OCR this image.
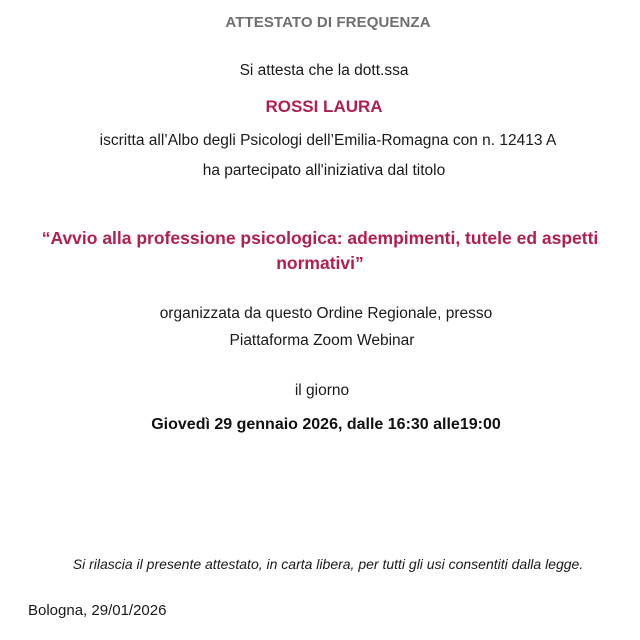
ATTESTATO DI FREQUENZA
Si attesta che la dott.ssa
ROSSI LAURA
iscritta all’Albo degli Psicologi dell’Emilia-Romagna con n. 12413 A
ha partecipato all'iniziativa dal titolo
“Avvio alla professione psicologica: adempimenti, tutele ed aspetti normativi”
organizzata da questo Ordine Regionale, presso
Piattaforma Zoom Webinar
il giorno
Giovedì 29 gennaio 2026, dalle 16:30 alle19:00
Si rilascia il presente attestato, in carta libera, per tutti gli usi consentiti dalla legge.
Bologna, 29/01/2026
